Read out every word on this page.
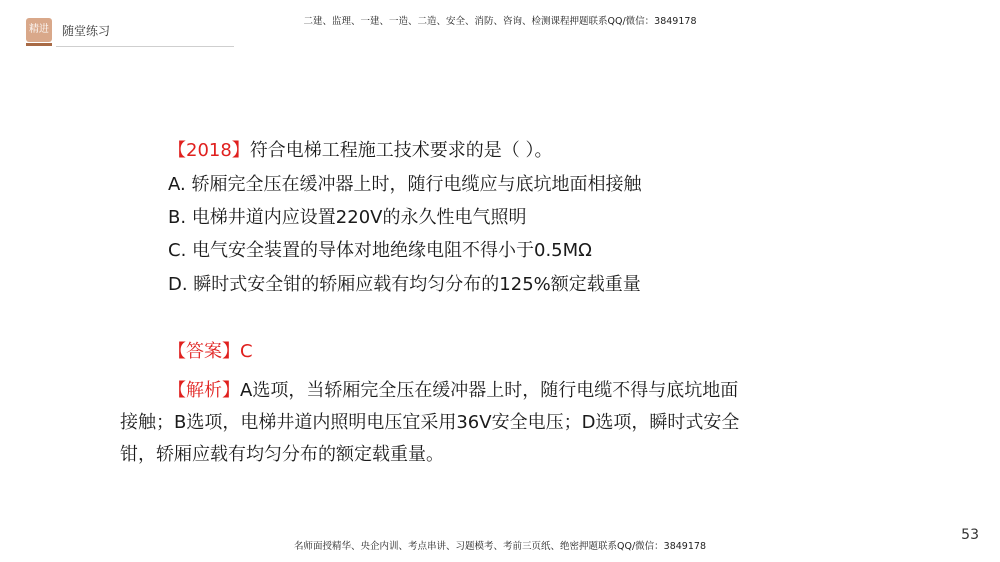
精进 随堂练习
二建、监理、一建、一造、二造、安全、消防、咨询、检测课程押题联系QQ/微信：3849178
【2018】符合电梯工程施工技术要求的是（ ）。
A. 轿厢完全压在缓冲器上时，随行电缆应与底坑地面相接触
B. 电梯井道内应设置220V的永久性电气照明
C. 电气安全装置的导体对地绝缘电阻不得小于0.5MΩ
D. 瞬时式安全钳的轿厢应载有均匀分布的125%额定载重量
【答案】C
【解析】A选项，当轿厢完全压在缓冲器上时，随行电缆不得与底坑地面
接触；B选项，电梯井道内照明电压宜采用36V安全电压；D选项，瞬时式安全
钳，轿厢应载有均匀分布的额定载重量。
名师面授精华、央企内训、考点串讲、习题模考、考前三页纸、绝密押题联系QQ/微信：3849178
53
